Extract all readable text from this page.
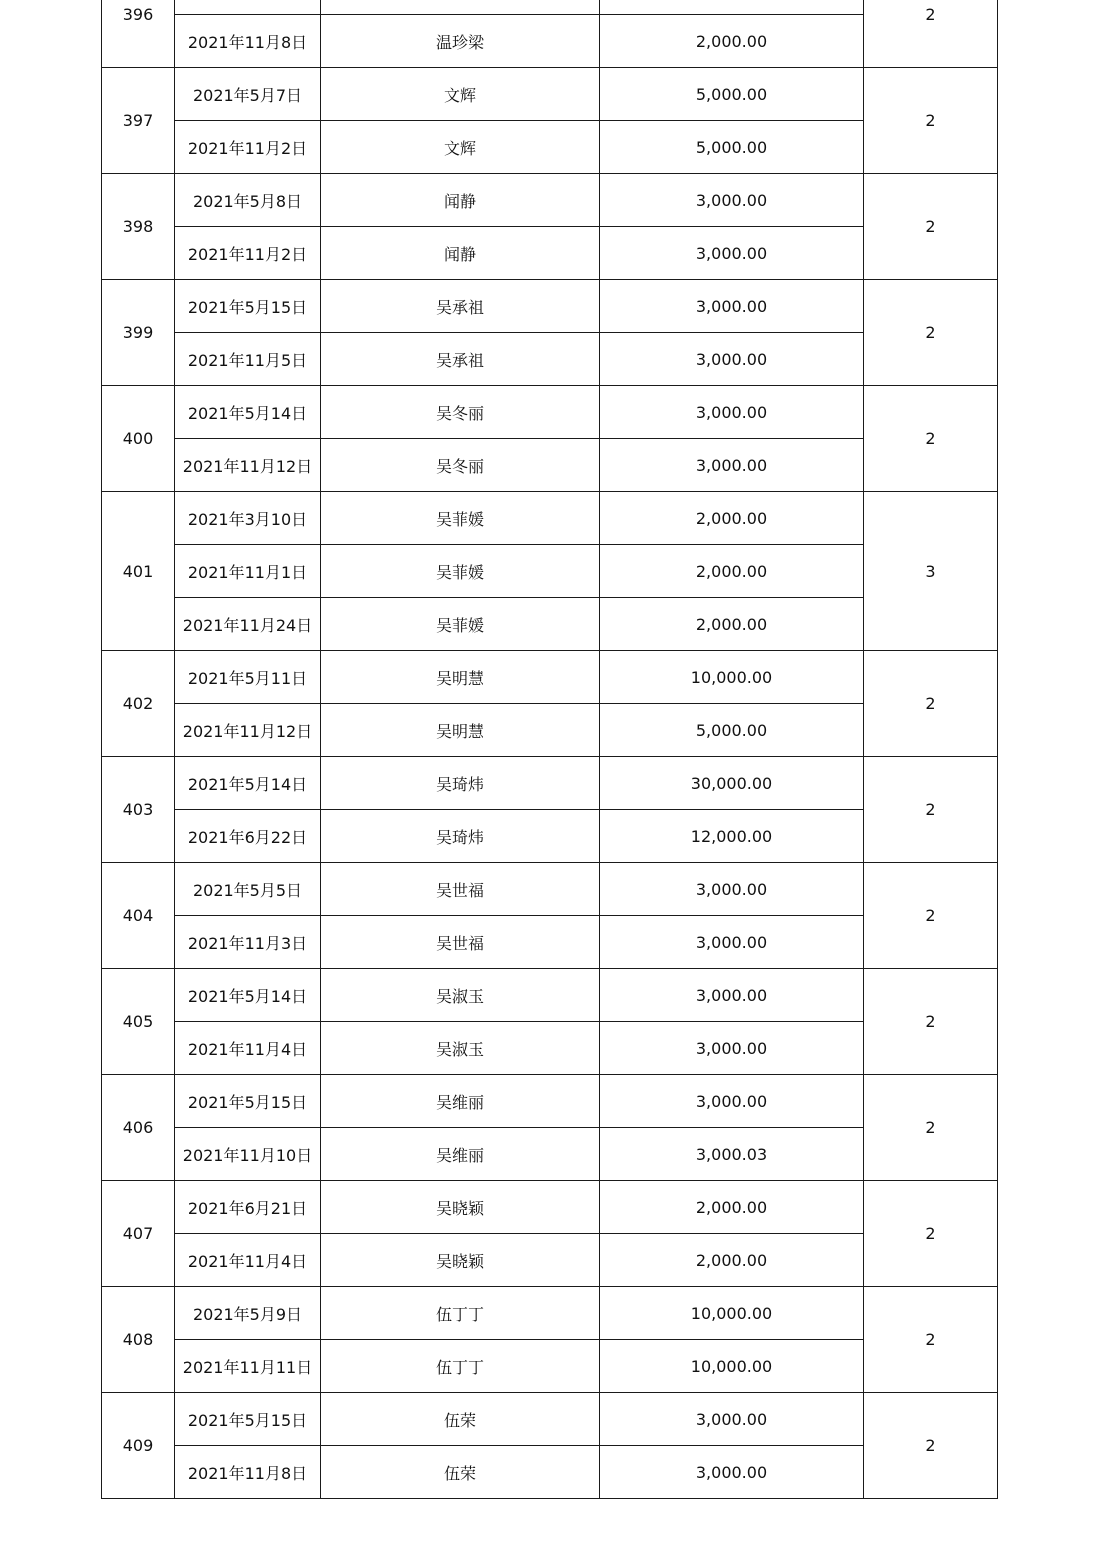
396				2
	2021年11月8日	温珍梁	2,000.00	
397	2021年5月7日	文辉	5,000.00	2
	2021年11月2日	文辉	5,000.00	
398	2021年5月8日	闻静	3,000.00	2
	2021年11月2日	闻静	3,000.00	
399	2021年5月15日	吴承祖	3,000.00	2
	2021年11月5日	吴承祖	3,000.00	
400	2021年5月14日	吴冬丽	3,000.00	2
	2021年11月12日	吴冬丽	3,000.00	
401	2021年3月10日	吴菲媛	2,000.00	3
	2021年11月1日	吴菲媛	2,000.00	
	2021年11月24日	吴菲媛	2,000.00	
402	2021年5月11日	吴明慧	10,000.00	2
	2021年11月12日	吴明慧	5,000.00	
403	2021年5月14日	吴琦炜	30,000.00	2
	2021年6月22日	吴琦炜	12,000.00	
404	2021年5月5日	吴世福	3,000.00	2
	2021年11月3日	吴世福	3,000.00	
405	2021年5月14日	吴淑玉	3,000.00	2
	2021年11月4日	吴淑玉	3,000.00	
406	2021年5月15日	吴维丽	3,000.00	2
	2021年11月10日	吴维丽	3,000.03	
407	2021年6月21日	吴晓颖	2,000.00	2
	2021年11月4日	吴晓颖	2,000.00	
408	2021年5月9日	伍丁丁	10,000.00	2
	2021年11月11日	伍丁丁	10,000.00	
409	2021年5月15日	伍荣	3,000.00	2
	2021年11月8日	伍荣	3,000.00	
